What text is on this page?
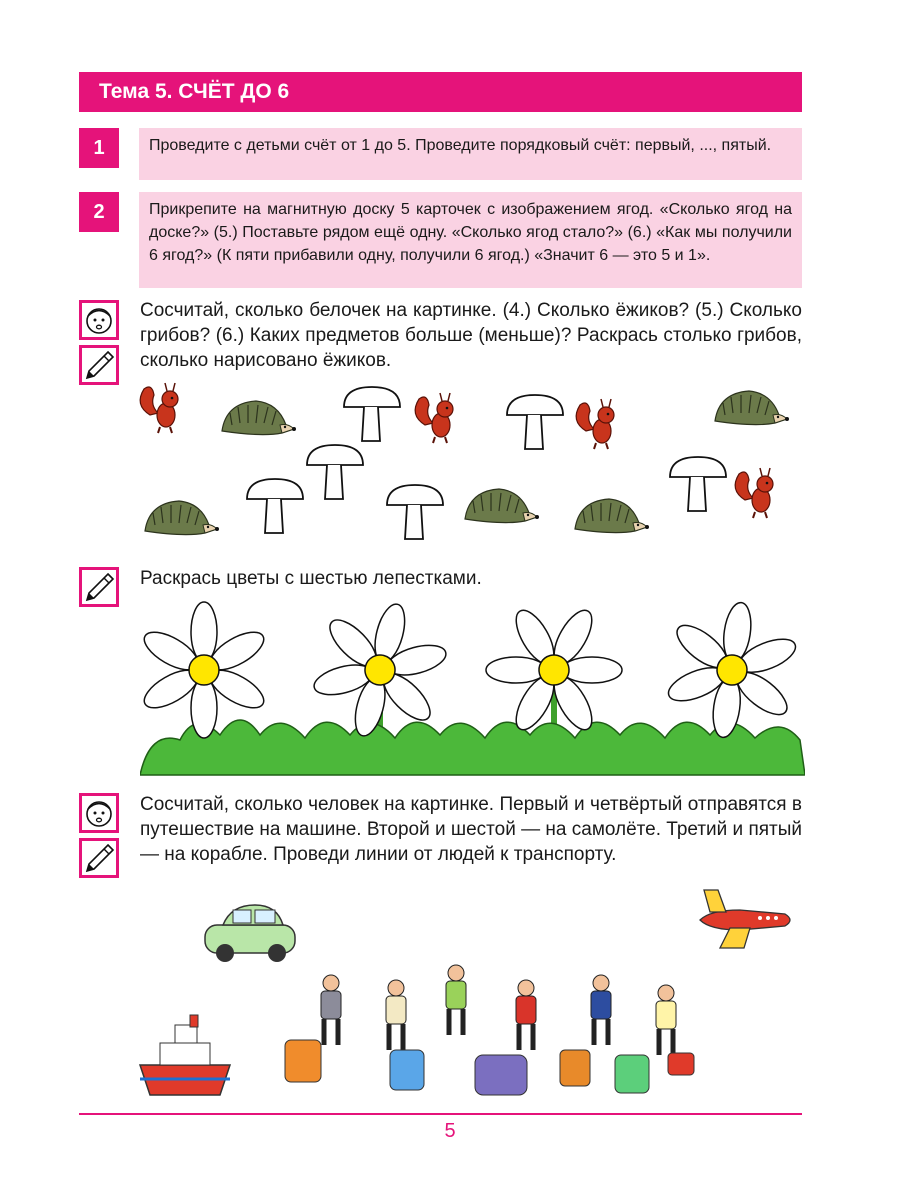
Тема 5. СЧЁТ ДО 6
1	Проведите с детьми счёт от 1 до 5. Проведите порядковый счёт: первый, ..., пятый.
2	Прикрепите на магнитную доску 5 карточек с изображением ягод. «Сколько ягод на доске?» (5.) Поставьте рядом ещё одну. «Сколько ягод стало?» (6.) «Как мы получили 6 ягод?» (К пяти прибавили одну, получили 6 ягод.) «Значит 6 — это 5 и 1».
Сосчитай, сколько белочек на картинке. (4.) Сколько ёжиков? (5.) Сколько грибов? (6.) Каких предметов больше (меньше)? Раскрась столько грибов, сколько нарисовано ёжиков.
Раскрась цветы с шестью лепестками.
Сосчитай, сколько человек на картинке. Первый и четвёртый отправятся в путешествие на машине. Второй и шестой — на самолёте. Третий и пятый — на корабле. Проведи линии от людей к транспорту.
5
